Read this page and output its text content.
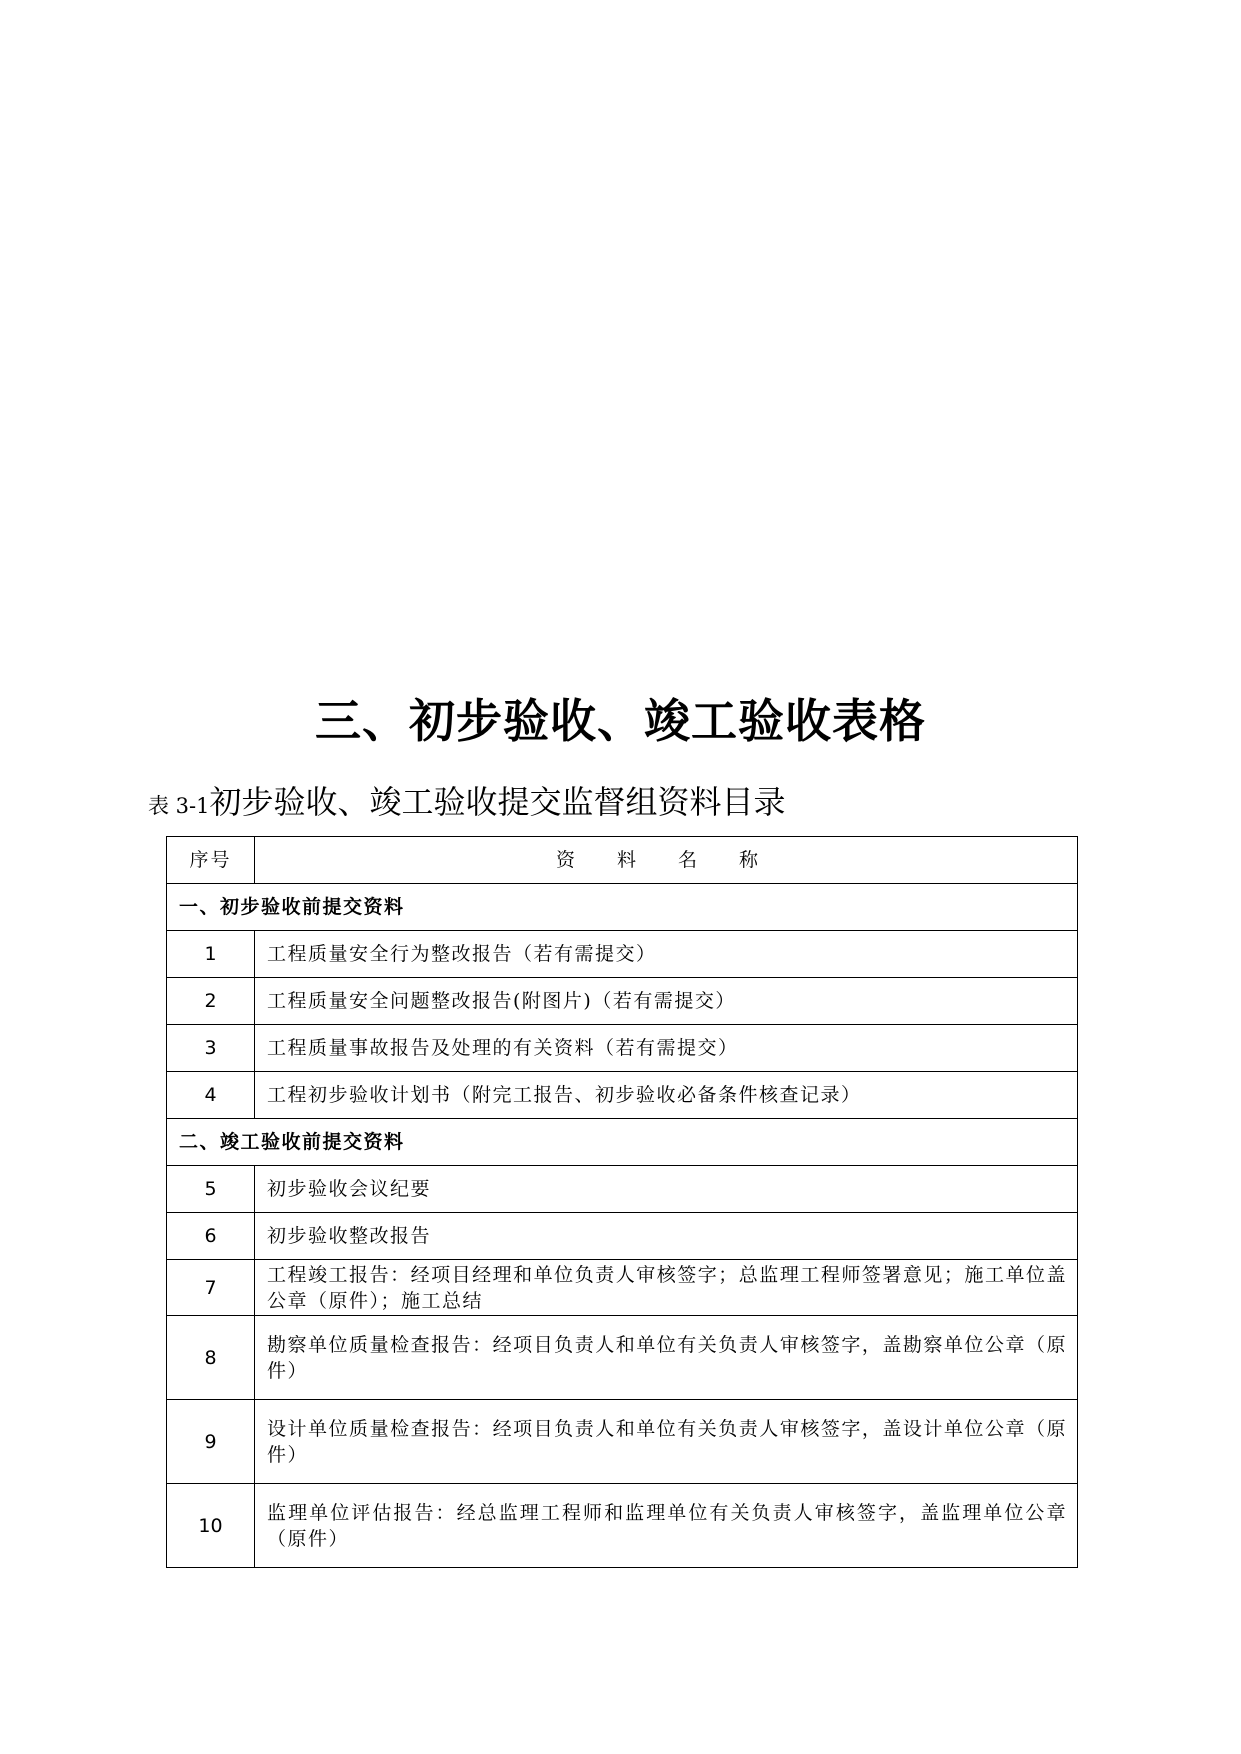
三、初步验收、竣工验收表格
表 3-1初步验收、竣工验收提交监督组资料目录
序号	资 料 名 称
一、初步验收前提交资料	
1	工程质量安全行为整改报告（若有需提交）
2	工程质量安全问题整改报告(附图片)（若有需提交）
3	工程质量事故报告及处理的有关资料（若有需提交）
4	工程初步验收计划书（附完工报告、初步验收必备条件核查记录）
二、竣工验收前提交资料	
5	初步验收会议纪要
6	初步验收整改报告
7	工程竣工报告：经项目经理和单位负责人审核签字；总监理工程师签署意见；施工单位盖公章（原件）；施工总结
8	勘察单位质量检查报告：经项目负责人和单位有关负责人审核签字，盖勘察单位公章（原件）
9	设计单位质量检查报告：经项目负责人和单位有关负责人审核签字，盖设计单位公章（原件）
10	监理单位评估报告：经总监理工程师和监理单位有关负责人审核签字，盖监理单位公章（原件）
